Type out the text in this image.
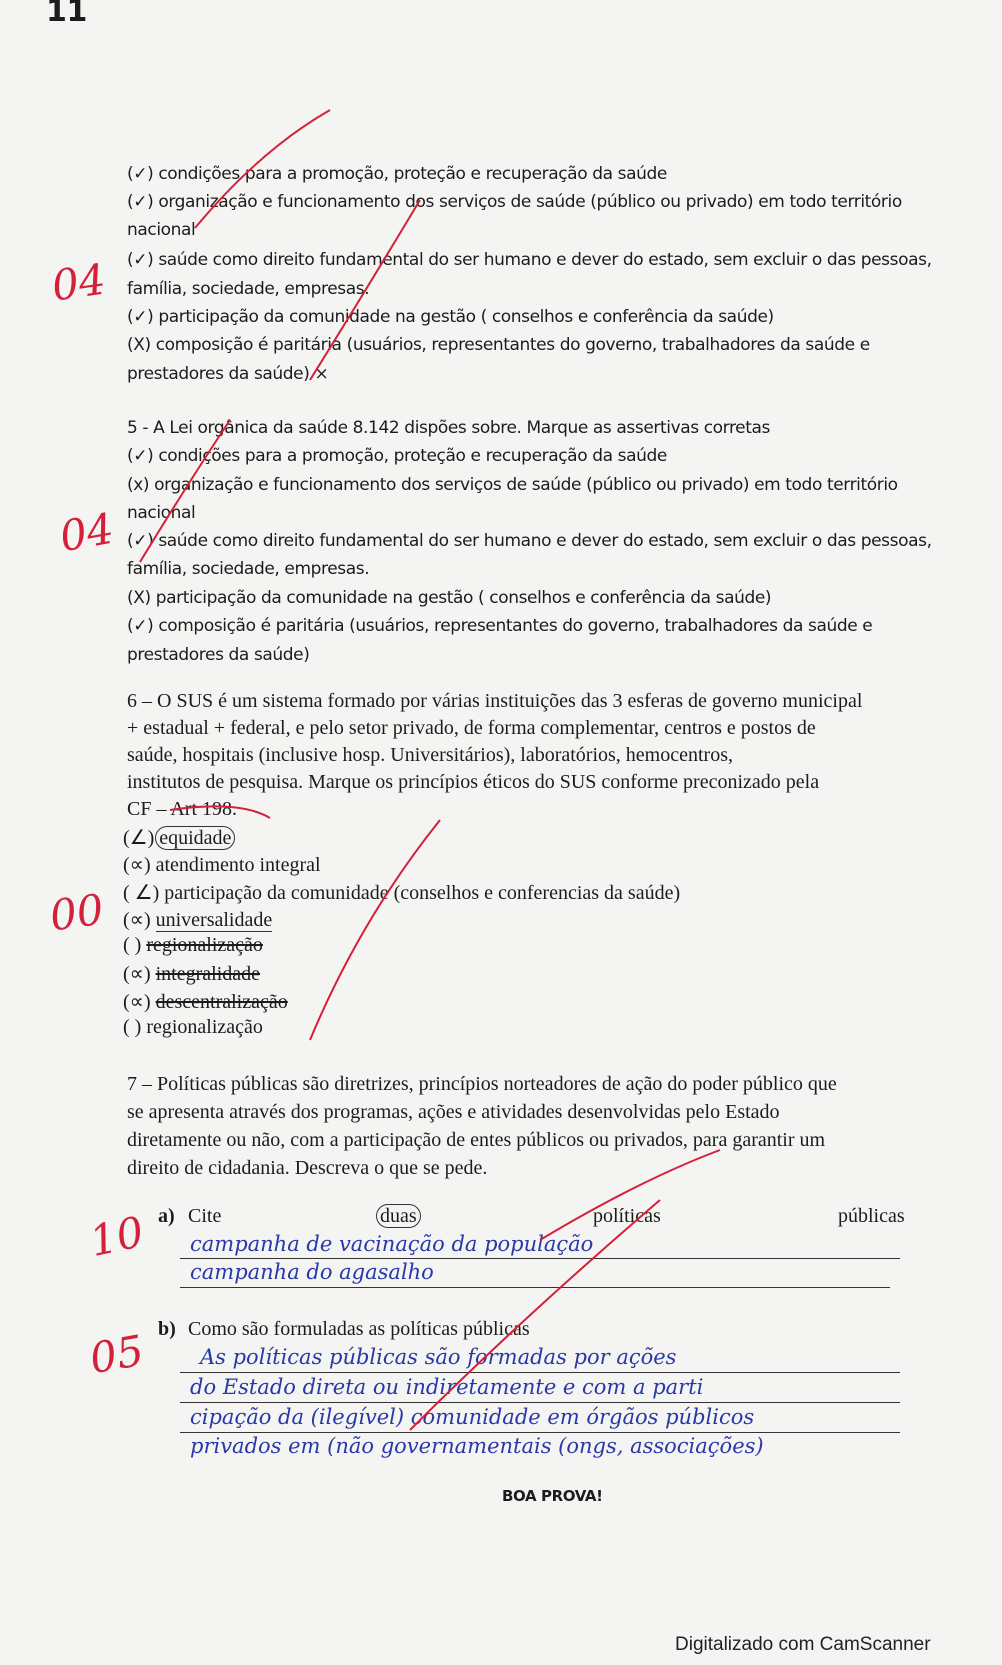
11
(✓) condições para a promoção, proteção e recuperação da saúde
(✓) organização e funcionamento dos serviços de saúde (público ou privado) em todo território
nacional
(✓) saúde como direito fundamental do ser humano e dever do estado, sem excluir o das pessoas,
família, sociedade, empresas.
(✓) participação da comunidade na gestão ( conselhos e conferência da saúde)
(X) composição é paritária (usuários, representantes do governo, trabalhadores da saúde e
prestadores da saúde) ×
04
5 - A Lei orgânica da saúde 8.142 dispões sobre. Marque as assertivas corretas
(✓) condições para a promoção, proteção e recuperação da saúde
(x) organização e funcionamento dos serviços de saúde (público ou privado) em todo território
nacional
(✓) saúde como direito fundamental do ser humano e dever do estado, sem excluir o das pessoas,
família, sociedade, empresas.
(X) participação da comunidade na gestão ( conselhos e conferência da saúde)
(✓) composição é paritária (usuários, representantes do governo, trabalhadores da saúde e
prestadores da saúde)
04
6 – O SUS é um sistema formado por várias instituições das 3 esferas de governo municipal
+ estadual + federal, e pelo setor privado, de forma complementar, centros e postos de
saúde, hospitais (inclusive hosp. Universitários), laboratórios, hemocentros,
institutos de pesquisa. Marque os princípios éticos do SUS conforme preconizado pela
CF – Art 198.
(∠) equidade
(∝) atendimento integral
( ∠) participação da comunidade (conselhos e conferencias da saúde)
(∝) universalidade
( ) regionalização
(∝) integralidade
(∝) descentralização
( ) regionalização
00
7 – Políticas públicas são diretrizes, princípios norteadores de ação do poder público que
se apresenta através dos programas, ações e atividades desenvolvidas pelo Estado
diretamente ou não, com a participação de entes públicos ou privados, para garantir um
direito de cidadania. Descreva o que se pede.
a) Cite	duas	políticas	públicas
campanha de vacinação da população
campanha do agasalho
10
b) Como são formuladas as políticas públicas
As políticas públicas são formadas por ações
do Estado direta ou indiretamente e com a parti
cipação da (ilegível) comunidade em órgãos públicos
privados em (não governamentais (ongs, associações)
05
BOA PROVA!
Digitalizado com CamScanner
